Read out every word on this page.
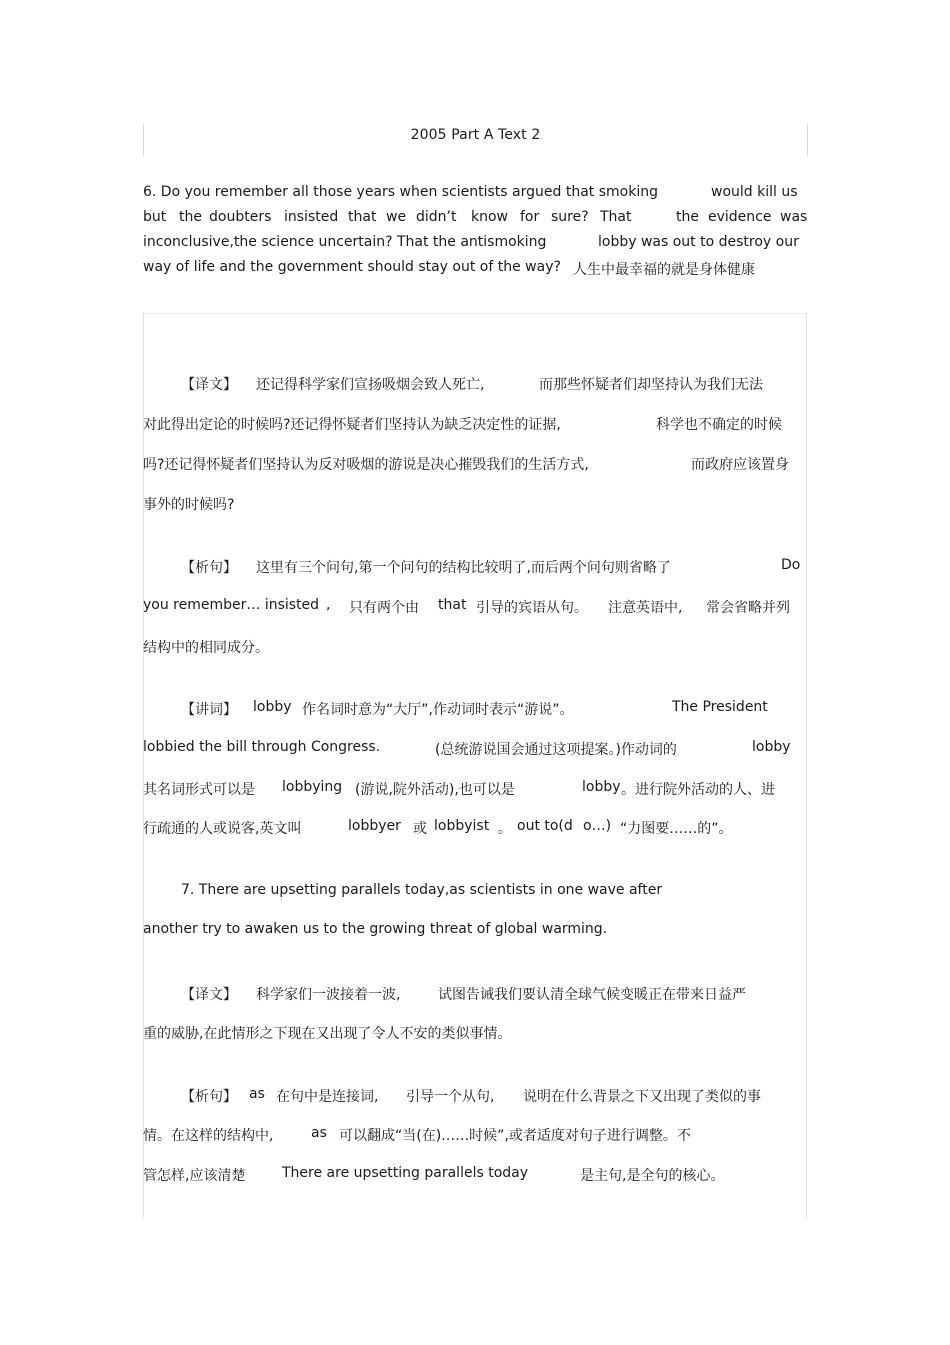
2005 Part A Text 2
6. Do you remember all those years when scientists argued that smoking	would kill us
but the doubters insisted that we didn’t know for sure? That	the evidence was
inconclusive,the science uncertain? That the antismoking	lobby was out to destroy our
way of life and the government should stay out of the way? 人生中最幸福的就是身体健康
【译文】 还记得科学家们宣扬吸烟会致人死亡,	而那些怀疑者们却坚持认为我们无法
对此得出定论的时候吗?还记得怀疑者们坚持认为缺乏决定性的证据,	科学也不确定的时候
吗?还记得怀疑者们坚持认为反对吸烟的游说是决心摧毁我们的生活方式,	而政府应该置身
事外的时候吗?
【析句】 这里有三个问句,第一个问句的结构比较明了,而后两个问句则省略了	Do
you remember… insisted , 只有两个由 that 引导的宾语从句。 注意英语中, 常会省略并列
结构中的相同成分。
【讲词】 lobby 作名词时意为“大厅”,作动词时表示“游说”。	The President
lobbied the bill through Congress.	(总统游说国会通过这项提案。)作动词的	lobby
其名词形式可以是 lobbying (游说,院外活动),也可以是	lobby 。进行院外活动的人、进
行疏通的人或说客,英文叫	lobbyer 或 lobbyist 。 out to(d o…) “力图要……的”。
7. There are upsetting parallels today,as scientists in one wave after
another try to awaken us to the growing threat of global warming.
【译文】 科学家们一波接着一波,	试图告诫我们要认清全球气候变暖正在带来日益严
重的威胁,在此情形之下现在又出现了令人不安的类似事情。
【析句】 as 在句中是连接词, 引导一个从句, 说明在什么背景之下又出现了类似的事
情。在这样的结构中,	as 可以翻成“当(在)……时候”,或者适度对句子进行调整。不
管怎样,应该清楚	There are upsetting parallels today	是主句,是全句的核心。
